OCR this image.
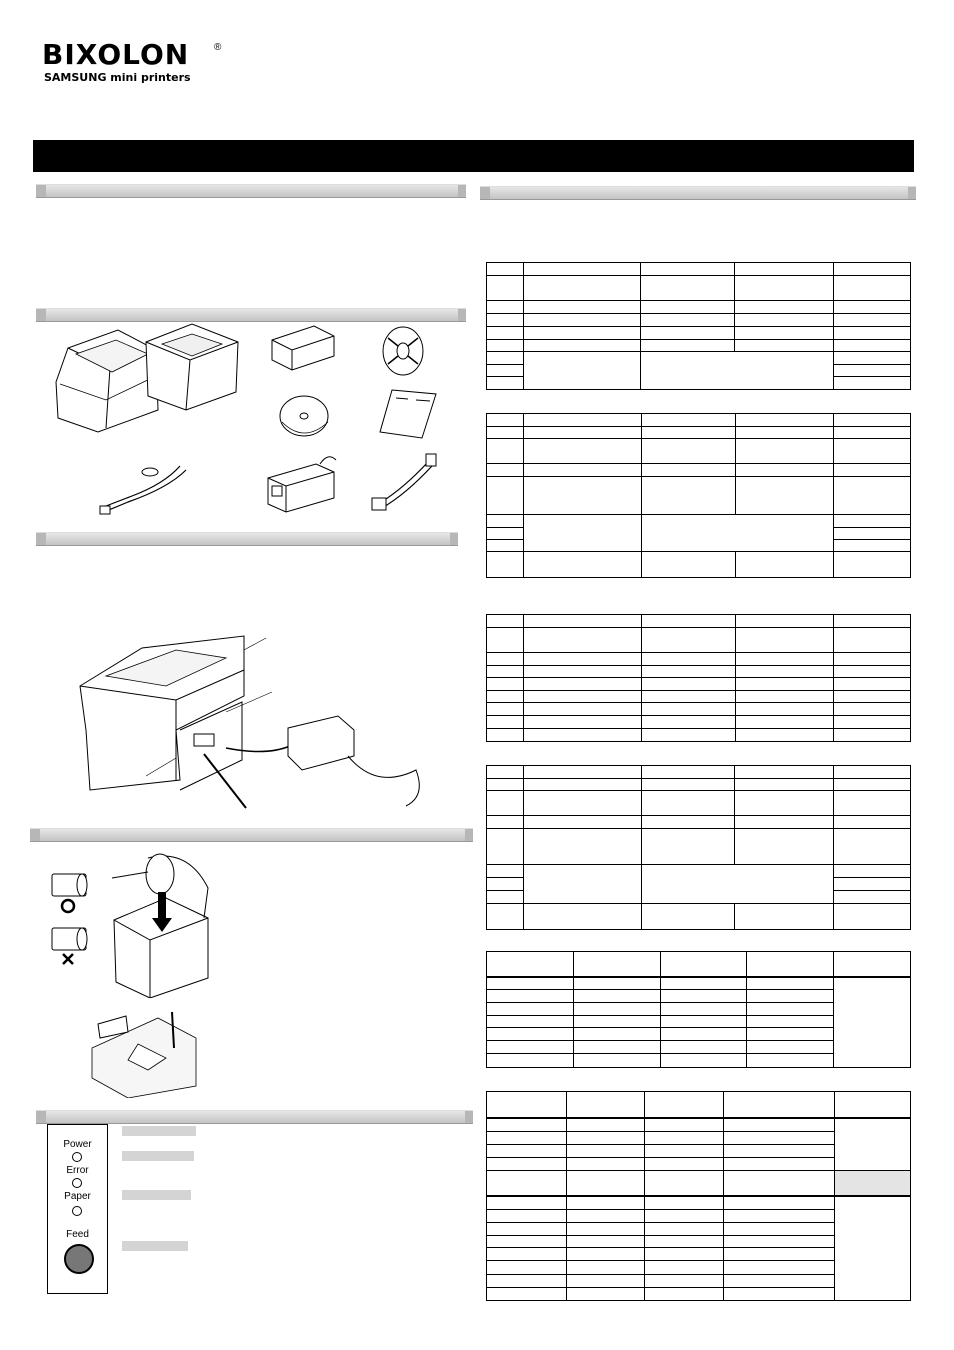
BIXOLON	®
SAMSUNG mini printers
Power
Error
Paper
Feed
